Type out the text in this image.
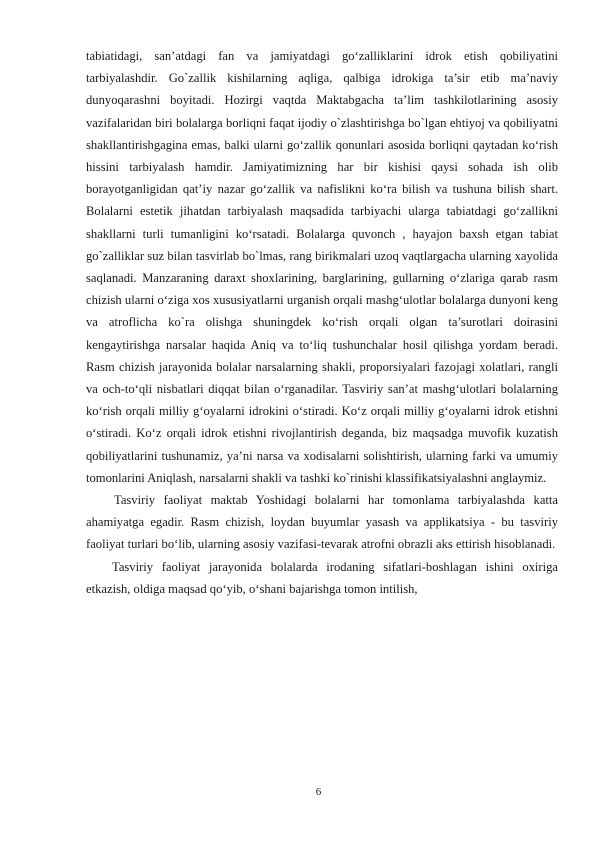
tabiatidagi, san’atdagi fan va jamiyatdagi go‘zalliklarini idrok etish qobiliyatini tarbiyalashdir. Go`zallik kishilarning aqliga, qalbiga idrokiga ta’sir etib ma’naviy dunyoqarashni boyitadi. Hozirgi vaqtda Maktabgacha ta’lim tashkilotlarining asosiy vazifalaridan biri bolalarga borliqni faqat ijodiy o`zlashtirishga bo`lgan ehtiyoj va qobiliyatni shakllantirishgagina emas, balki ularni go‘zallik qonunlari asosida borliqni qaytadan ko‘rish hissini tarbiyalash hamdir. Jamiyatimizning har bir kishisi qaysi sohada ish olib borayotganligidan qat’iy nazar go‘zallik va nafislikni ko‘ra bilish va tushuna bilish shart. Bolalarni estetik jihatdan tarbiyalash maqsadida tarbiyachi ularga tabiatdagi go‘zallikni shakllarni turli tumanligini ko‘rsatadi. Bolalarga quvonch , hayajon baxsh etgan tabiat go`zalliklar suz bilan tasvirlab bo`lmas, rang birikmalari uzoq vaqtlargacha ularning xayolida saqlanadi. Manzaraning daraxt shoxlarining, barglarining, gullarning o‘zlariga qarab rasm chizish ularni o‘ziga xos xususiyatlarni urganish orqali mashg‘ulotlar bolalarga dunyoni keng va atroflicha ko`ra olishga shuningdek ko‘rish orqali olgan ta’surotlari doirasini kengaytirishga narsalar haqida Aniq va to‘liq tushunchalar hosil qilishga yordam beradi. Rasm chizish jarayonida bolalar narsalarning shakli, proporsiyalari fazojagi xolatlari, rangli va och-to‘qli nisbatlari diqqat bilan o‘rganadilar. Tasviriy san’at mashg‘ulotlari bolalarning ko‘rish orqali milliy g‘oyalarni idrokini o‘stiradi. Ko‘z orqali milliy g‘oyalarni idrok etishni o‘stiradi. Ko‘z orqali idrok etishni rivojlantirish deganda, biz maqsadga muvofik kuzatish qobiliyatlarini tushunamiz, ya’ni narsa va xodisalarni solishtirish, ularning farki va umumiy tomonlarini Aniqlash, narsalarni shakli va tashki ko`rinishi klassifikatsiyalashni anglaymiz.

Tasviriy faoliyat maktab Yoshidagi bolalarni har tomonlama tarbiyalashda katta ahamiyatga egadir. Rasm chizish, loydan buyumlar yasash va applikatsiya - bu tasviriy faoliyat turlari bo‘lib, ularning asosiy vazifasi-tevarak atrofni obrazli aks ettirish hisoblanadi.

Tasviriy faoliyat jarayonida bolalarda irodaning sifatlari-boshlagan ishini oxiriga etkazish, oldiga maqsad qo‘yib, o‘shani bajarishga tomon intilish,

6
